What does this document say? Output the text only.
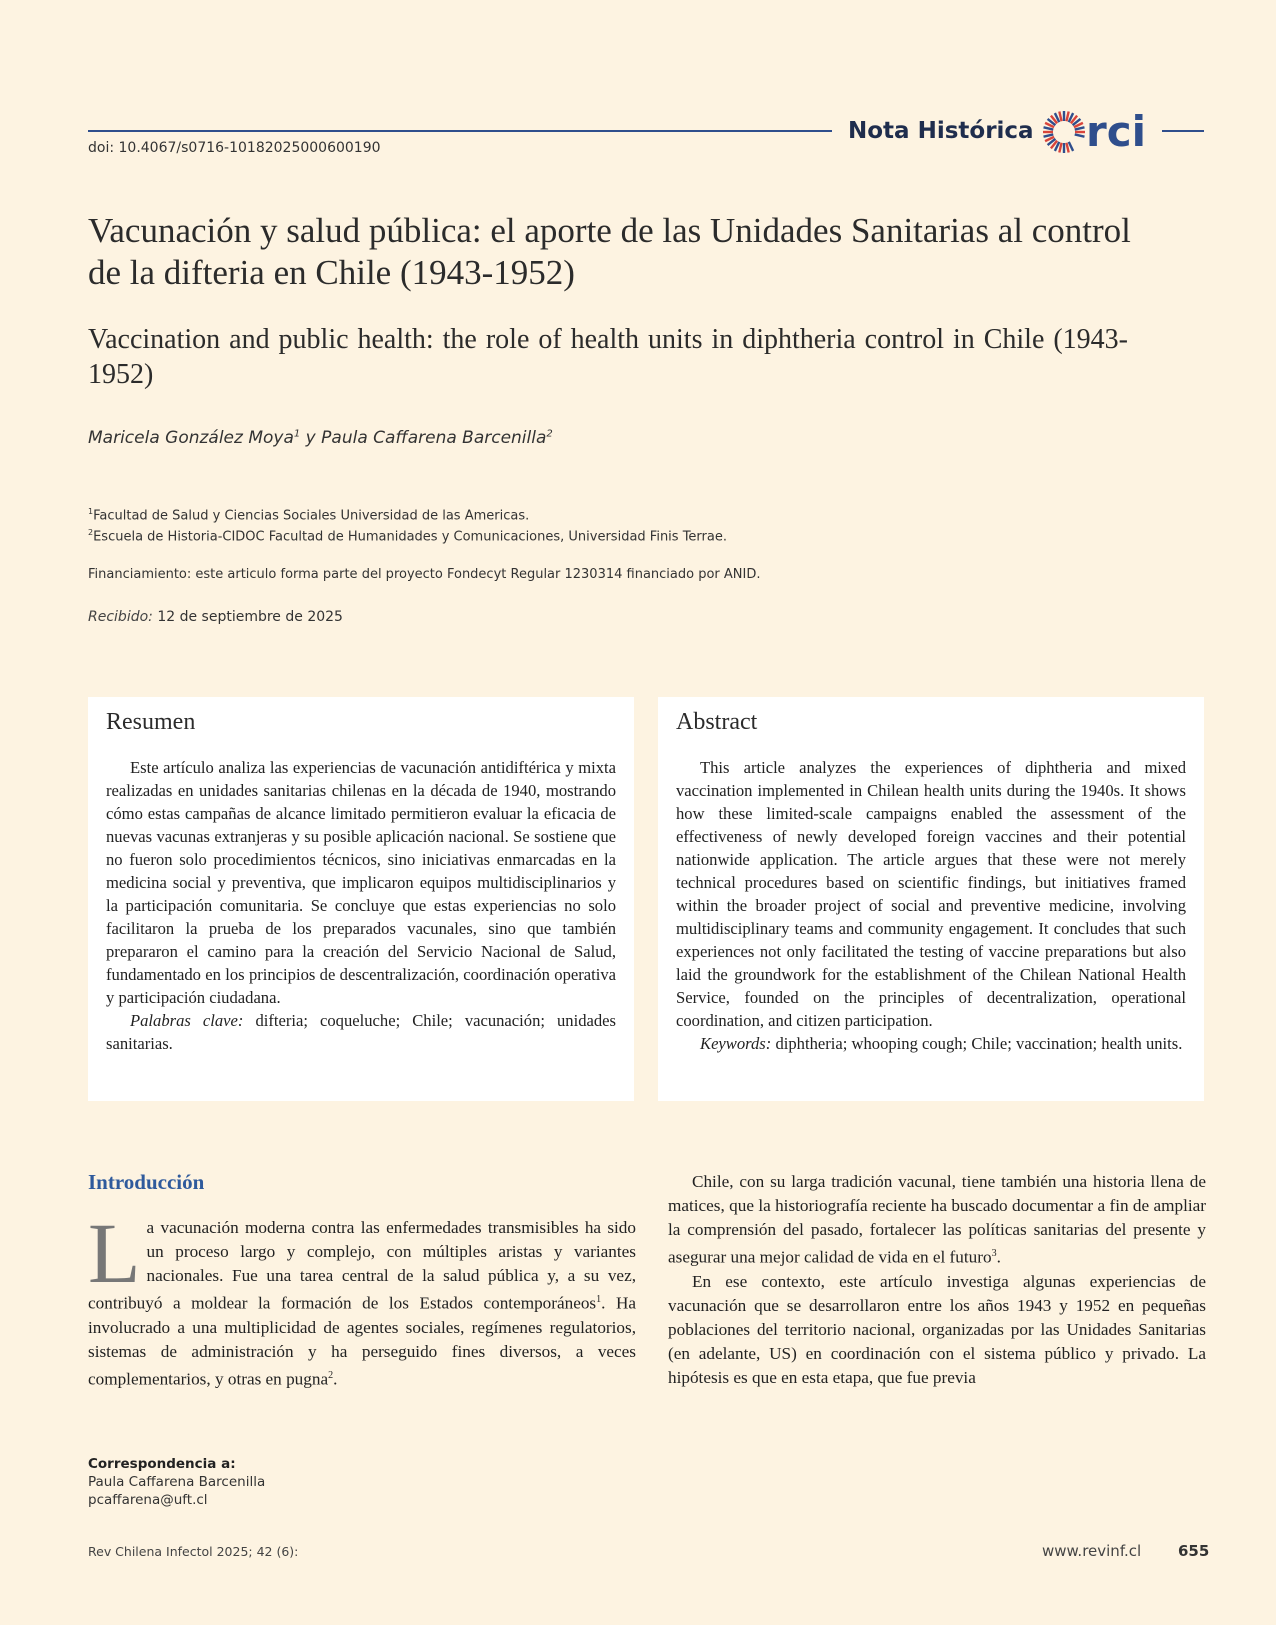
Nota Histórica rci
doi: 10.4067/s0716-10182025000600190
Vacunación y salud pública: el aporte de las Unidades Sanitarias al control de la difteria en Chile (1943-1952)
Vaccination and public health: the role of health units in diphtheria control in Chile (1943-1952)
Maricela González Moya$^1$ y Paula Caffarena Barcenilla$^2$
$^1$Facultad de Salud y Ciencias Sociales Universidad de las Americas.
$^2$Escuela de Historia-CIDOC Facultad de Humanidades y Comunicaciones, Universidad Finis Terrae.
Financiamiento: este articulo forma parte del proyecto Fondecyt Regular 1230314 financiado por ANID.
Recibido: 12 de septiembre de 2025
Resumen

Este artículo analiza las experiencias de vacunación antidiftérica y mixta realizadas en unidades sanitarias chilenas en la década de 1940, mostrando cómo estas campañas de alcance limitado permitieron evaluar la eficacia de nuevas vacunas extranjeras y su posible aplicación nacional. Se sostiene que no fueron solo procedimientos técnicos, sino iniciativas enmarcadas en la medicina social y preventiva, que implicaron equipos multidisciplinarios y la participación comunitaria. Se concluye que estas experiencias no solo facilitaron la prueba de los preparados vacunales, sino que también prepararon el camino para la creación del Servicio Nacional de Salud, fundamentado en los principios de descentralización, coordinación operativa y participación ciudadana.

Palabras clave: difteria; coqueluche; Chile; vacunación; unidades sanitarias.

Abstract

This article analyzes the experiences of diphtheria and mixed vaccination implemented in Chilean health units during the 1940s. It shows how these limited-scale campaigns enabled the assessment of the effectiveness of newly developed foreign vaccines and their potential nationwide application. The article argues that these were not merely technical procedures based on scientific findings, but initiatives framed within the broader project of social and preventive medicine, involving multidisciplinary teams and community engagement. It concludes that such experiences not only facilitated the testing of vaccine preparations but also laid the groundwork for the establishment of the Chilean National Health Service, founded on the principles of decentralization, operational coordination, and citizen participation.

Keywords: diphtheria; whooping cough; Chile; vaccination; health units.

Introducción

La vacunación moderna contra las enfermedades transmisibles ha sido un proceso largo y complejo, con múltiples aristas y variantes nacionales. Fue una tarea central de la salud pública y, a su vez, contribuyó a moldear la formación de los Estados contemporáneos$^1$. Ha involucrado a una multiplicidad de agentes sociales, regímenes regulatorios, sistemas de administración y ha perseguido fines diversos, a veces complementarios, y otras en pugna$^2$.

Chile, con su larga tradición vacunal, tiene también una historia llena de matices, que la historiografía reciente ha buscado documentar a fin de ampliar la comprensión del pasado, fortalecer las políticas sanitarias del presente y asegurar una mejor calidad de vida en el futuro$^3$.

En ese contexto, este artículo investiga algunas experiencias de vacunación que se desarrollaron entre los años 1943 y 1952 en pequeñas poblaciones del territorio nacional, organizadas por las Unidades Sanitarias (en adelante, US) en coordinación con el sistema público y privado. La hipótesis es que en esta etapa, que fue previa

Correspondencia a:
Paula Caffarena Barcenilla
pcaffarena@uft.cl
Rev Chilena Infectol 2025; 42 (6):	www.revinf.cl 655
